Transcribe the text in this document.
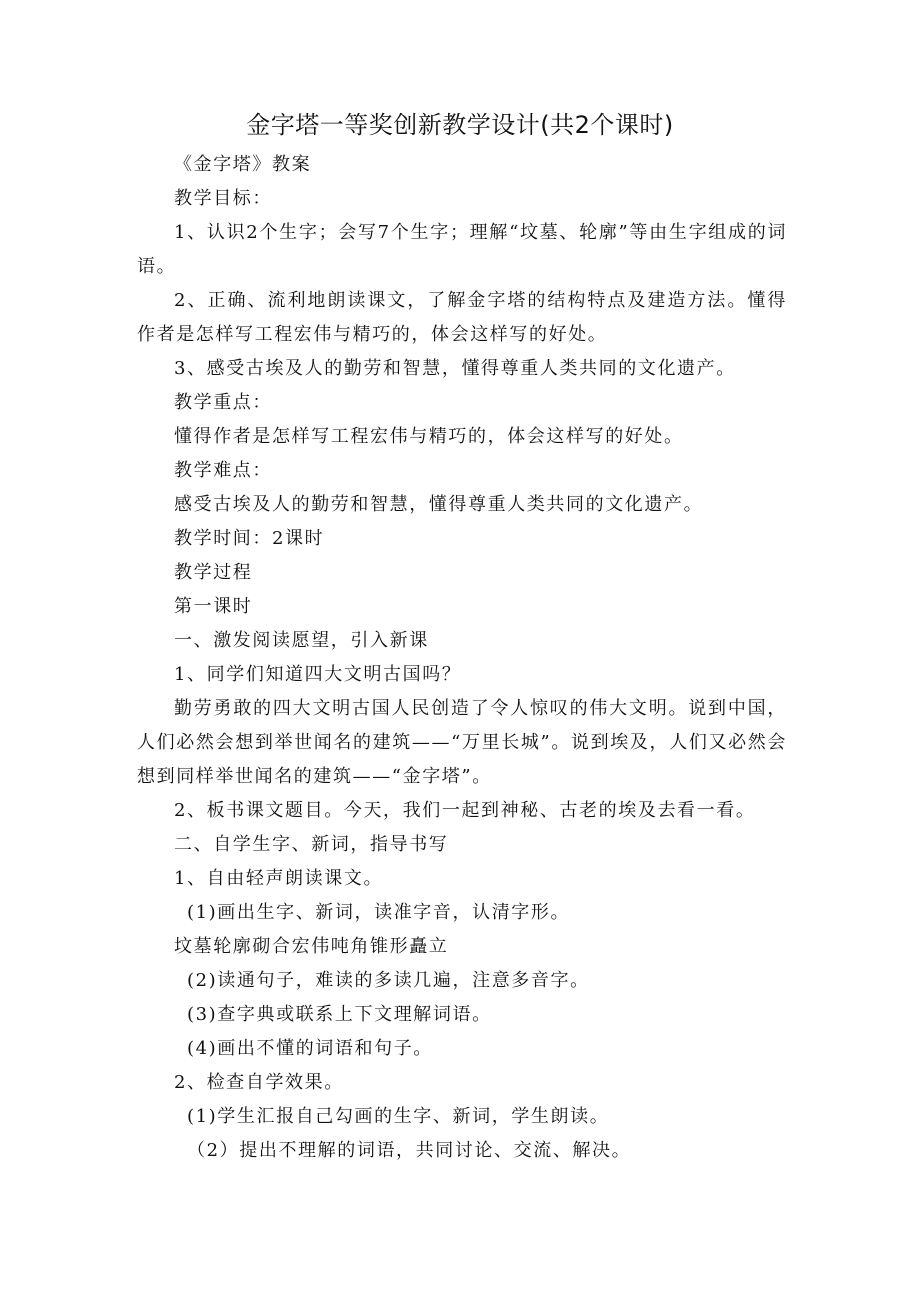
金字塔一等奖创新教学设计(共2个课时)

《金字塔》教案

教学目标：

1、认识2个生字；会写7个生字；理解“坟墓、轮廓”等由生字组成的词语。

2、正确、流利地朗读课文，了解金字塔的结构特点及建造方法。懂得作者是怎样写工程宏伟与精巧的，体会这样写的好处。

3、感受古埃及人的勤劳和智慧，懂得尊重人类共同的文化遗产。

教学重点：

懂得作者是怎样写工程宏伟与精巧的，体会这样写的好处。

教学难点：

感受古埃及人的勤劳和智慧，懂得尊重人类共同的文化遗产。

教学时间：2课时

教学过程

第一课时

一、激发阅读愿望，引入新课

1、同学们知道四大文明古国吗？

勤劳勇敢的四大文明古国人民创造了令人惊叹的伟大文明。说到中国，人们必然会想到举世闻名的建筑——“万里长城”。说到埃及，人们又必然会想到同样举世闻名的建筑——“金字塔”。

2、板书课文题目。今天，我们一起到神秘、古老的埃及去看一看。

二、自学生字、新词，指导书写

1、自由轻声朗读课文。

(1)画出生字、新词，读准字音，认清字形。

坟墓轮廓砌合宏伟吨角锥形矗立

(2)读通句子，难读的多读几遍，注意多音字。

(3)查字典或联系上下文理解词语。

(4)画出不懂的词语和句子。

2、检查自学效果。

(1)学生汇报自己勾画的生字、新词，学生朗读。

（2）提出不理解的词语，共同讨论、交流、解决。
